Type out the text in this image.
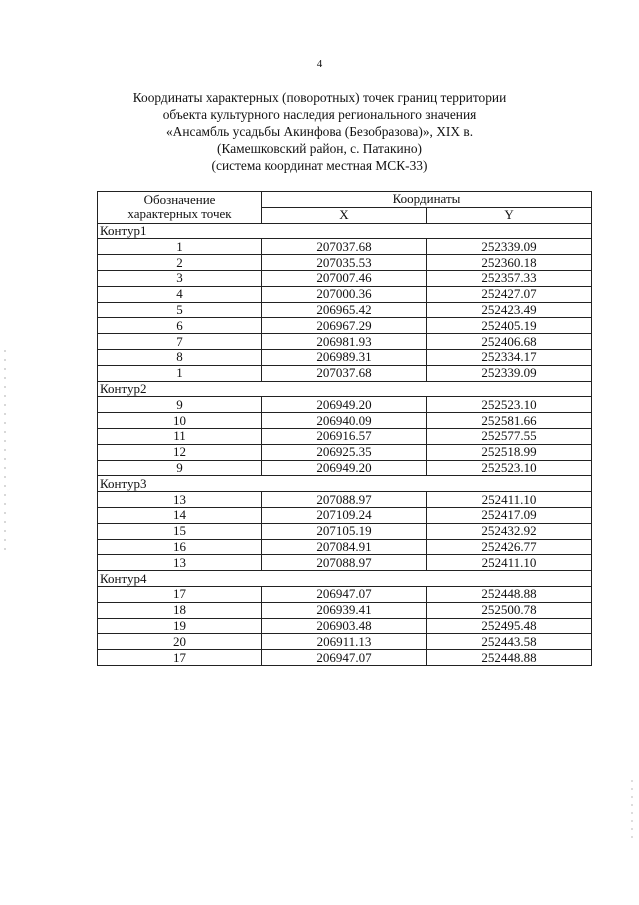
4
Координаты характерных (поворотных) точек границ территории
объекта культурного наследия регионального значения
«Ансамбль усадьбы Акинфова (Безобразова)», XIX в.
(Камешковский район, с. Патакино)
(система координат местная МСК-33)
Обозначение
характерных точек	Координаты	
	X	Y
Контур1		
1	207037.68	252339.09
2	207035.53	252360.18
3	207007.46	252357.33
4	207000.36	252427.07
5	206965.42	252423.49
6	206967.29	252405.19
7	206981.93	252406.68
8	206989.31	252334.17
1	207037.68	252339.09
Контур2		
9	206949.20	252523.10
10	206940.09	252581.66
11	206916.57	252577.55
12	206925.35	252518.99
9	206949.20	252523.10
Контур3		
13	207088.97	252411.10
14	207109.24	252417.09
15	207105.19	252432.92
16	207084.91	252426.77
13	207088.97	252411.10
Контур4		
17	206947.07	252448.88
18	206939.41	252500.78
19	206903.48	252495.48
20	206911.13	252443.58
17	206947.07	252448.88
